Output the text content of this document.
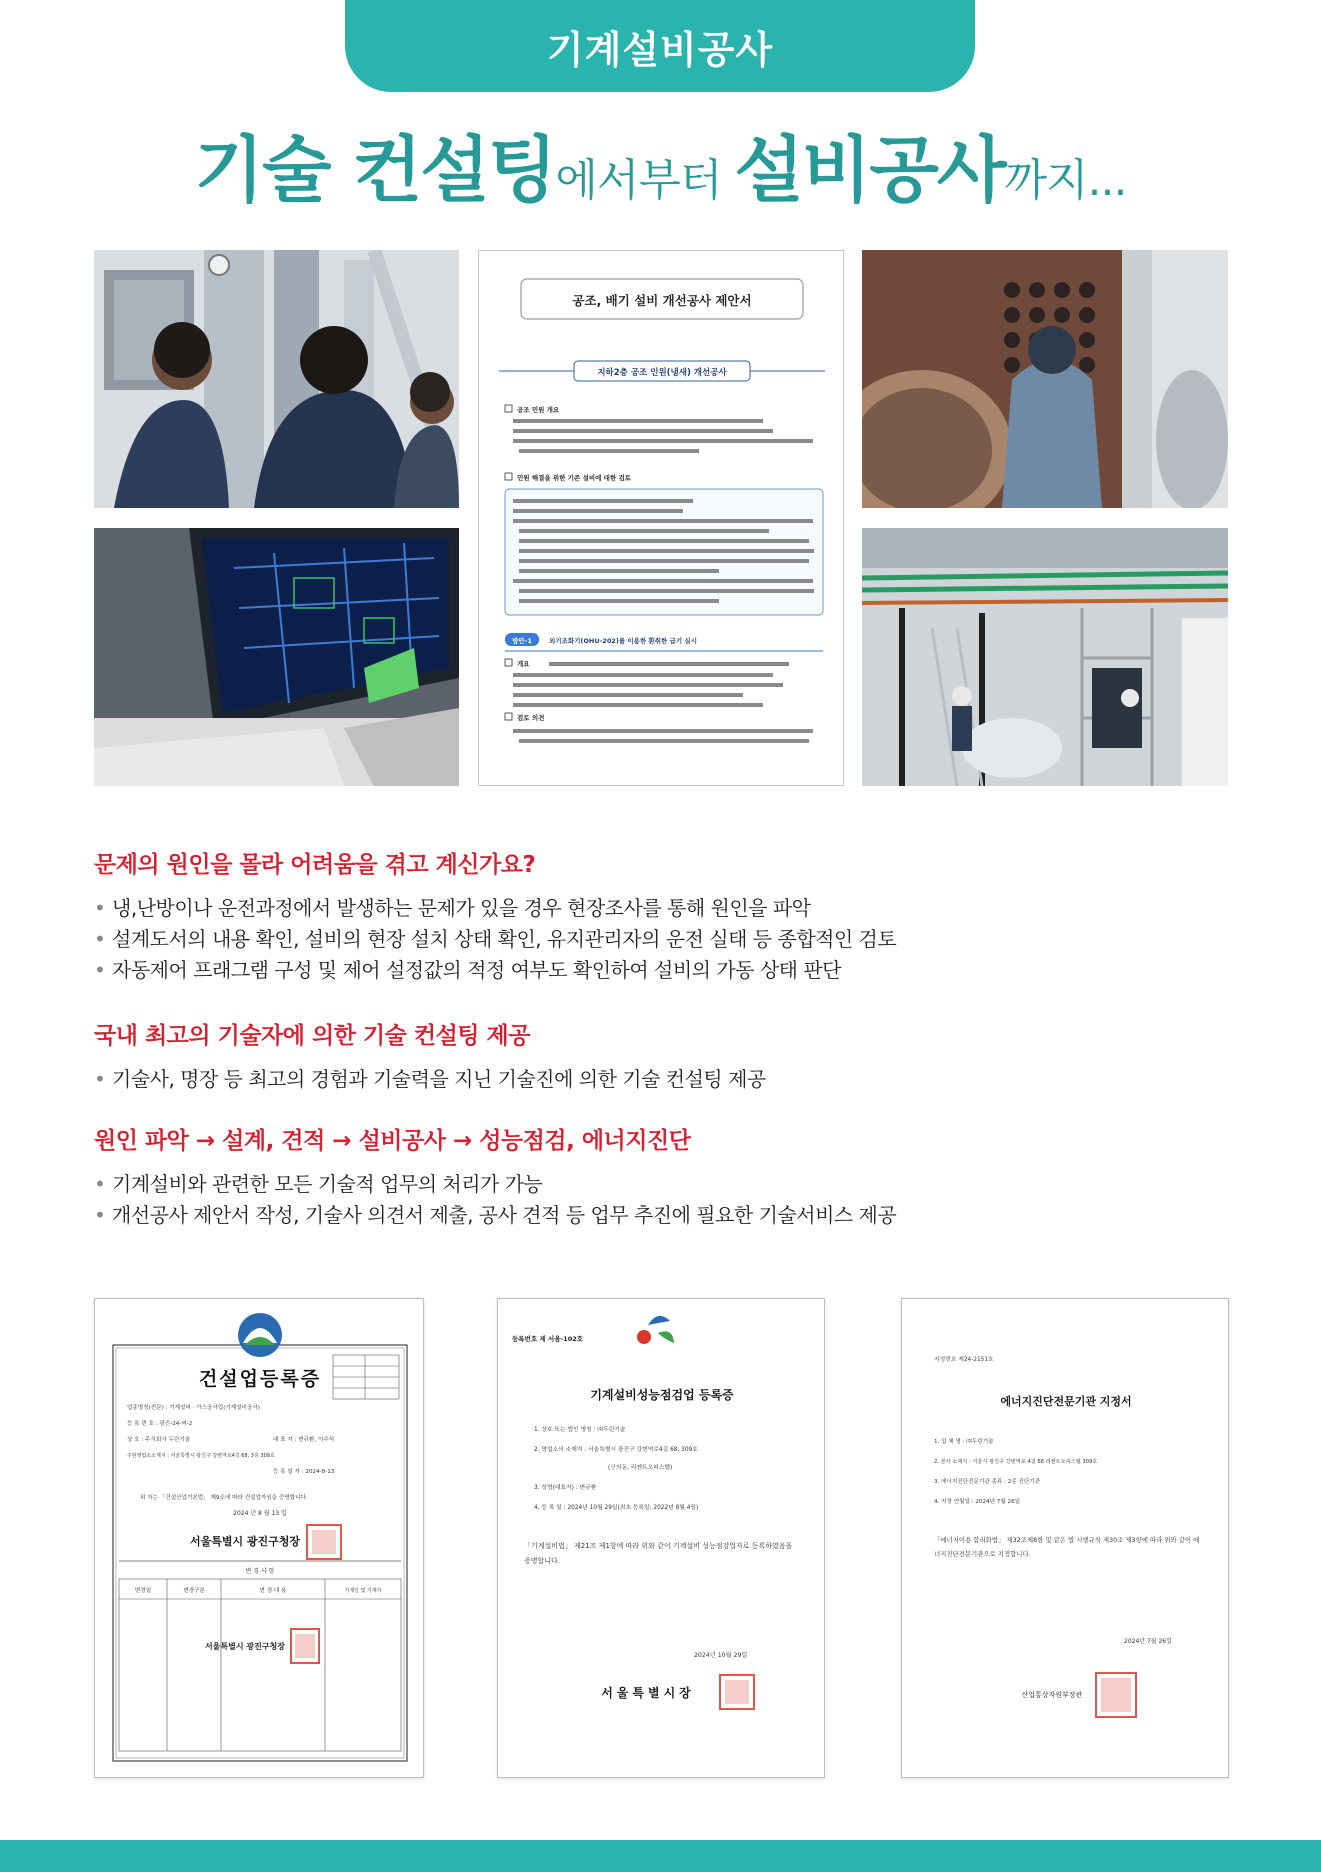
기계설비공사
기술 컨설팅에서부터 설비공사까지...
공조, 배기 설비 개선공사 제안서
지하2층 공조 인원(냉새) 개선공사
공조 민원 개요
민원 해결을 위한 기존 설비에 대한 검토
방안-1	외기조화기(OHU-202)를 이용한 환취한 급기 실시
개요
검토 의견
문제의 원인을 몰라 어려움을 겪고 계신가요?
• 냉,난방이나 운전과정에서 발생하는 문제가 있을 경우 현장조사를 통해 원인을 파악
• 설계도서의 내용 확인, 설비의 현장 설치 상태 확인, 유지관리자의 운전 실태 등 종합적인 검토
• 자동제어 프래그램 구성 및 제어 설정값의 적정 여부도 확인하여 설비의 가동 상태 판단
국내 최고의 기술자에 의한 기술 컨설팅 제공
• 기술사, 명장 등 최고의 경험과 기술력을 지닌 기술진에 의한 기술 컨설팅 제공
원인 파악 → 설계, 견적 → 설비공사 → 성능점검, 에너지진단
• 기계설비와 관련한 모든 기술적 업무의 처리가 가능
• 개선공사 제안서 작성, 기술사 의견서 제출, 공사 견적 등 업무 추진에 필요한 기술서비스 제공
건설업등록증
업종명칭(전문) : 기계설비 · 가스공사업(기계설비공사)
등 록 번 호 : 광진-24-써-2
상 호 : 주식회사 두린기술	대 표 자 : 변규환, 이수석
주된영업소소재지 : 서울특별시 광진구 강변역로4길 68, 3층 309호
등 록 일 자 : 2024-8-13
위 자는 「건설산업기본법」 제9조에 따라 건설업자임을 증명합니다.
2024 년 8 월 13 일
서울특별시 광진구청장
변 경 사 항
변경일	변경구분	변 경 내 용	기재일 및 기재자
서울특별시 광진구청장
등록번호 제 서울-102호
기계설비성능점검업 등록증
1. 상호 또는 법인 명칭 : ㈜두린기술
2. 영업소의 소재지 : 서울특별시 광진구 강변역로4길 68, 309호
(구의동, 리젠트오피스텔)
3. 성명(대표자) : 변규환
4. 등 록 일 : 2024년 10월 29일(최초 등록일: 2022년 8월 4일)
「기계설비법」 제21조 제1항에 따라 위와 같이 기계설비 성능점검업자로 등록하였음을 증명합니다.
2024년 10월 29일
서울특별시장
지정번호 제24-2151호
에너지진단전문기관 지정서
1. 업 체 명 : ㈜두린기술
2. 본사 소재지 : 서울시 광진구 강변역로 4길 68 리젠트오피스텔 309호
3. 에너지진단전문기관 종류 : 2종 진단기관
4. 지정 연월일 : 2024년 7월 26일
「에너지이용 합리화법」 제32조제8항 및 같은 법 시행규칙 제30조 제3항에 따라 위와 같이 에너지진단전문기관으로 지정합니다.
2024년 7월 26일
산업통상자원부장관
